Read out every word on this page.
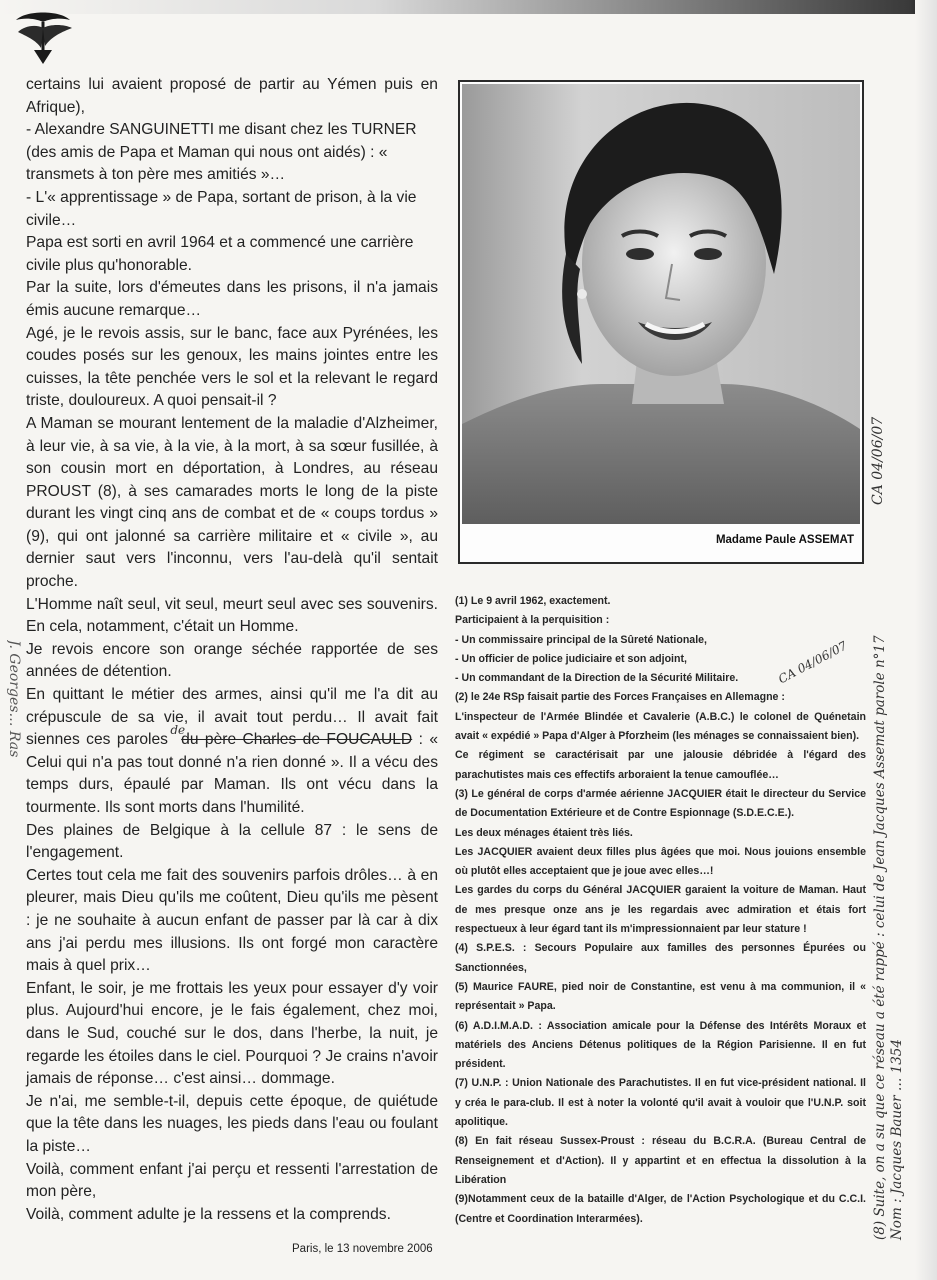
certains lui avaient proposé de partir au Yémen puis en Afrique),

- Alexandre SANGUINETTI me disant chez les TURNER (des amis de Papa et Maman qui nous ont aidés) : « transmets à ton père mes amitiés »…

- L'« apprentissage » de Papa, sortant de prison, à la vie civile…

Papa est sorti en avril 1964 et a commencé une carrière civile plus qu'honorable.

Par la suite, lors d'émeutes dans les prisons, il n'a jamais émis aucune remarque…

Agé, je le revois assis, sur le banc, face aux Pyrénées, les coudes posés sur les genoux, les mains jointes entre les cuisses, la tête penchée vers le sol et la relevant le regard triste, douloureux. A quoi pensait-il ?

A Maman se mourant lentement de la maladie d'Alzheimer, à leur vie, à sa vie, à la vie, à la mort, à sa sœur fusillée, à son cousin mort en déportation, à Londres, au réseau PROUST (8), à ses camarades morts le long de la piste durant les vingt cinq ans de combat et de « coups tordus » (9), qui ont jalonné sa carrière militaire et « civile », au dernier saut vers l'inconnu, vers l'au-delà qu'il sentait proche.

L'Homme naît seul, vit seul, meurt seul avec ses souvenirs. En cela, notamment, c'était un Homme.

Je revois encore son orange séchée rapportée de ses années de détention.

En quittant le métier des armes, ainsi qu'il me l'a dit au crépuscule de sa vie, il avait tout perdu… Il avait fait siennes ces paroles $^{de}$du père Charles de FOUCAULD : « Celui qui n'a pas tout donné n'a rien donné ». Il a vécu des temps durs, épaulé par Maman. Ils ont vécu dans la tourmente. Ils sont morts dans l'humilité.

Des plaines de Belgique à la cellule 87 : le sens de l'engagement.

Certes tout cela me fait des souvenirs parfois drôles… à en pleurer, mais Dieu qu'ils me coûtent, Dieu qu'ils me pèsent : je ne souhaite à aucun enfant de passer par là car à dix ans j'ai perdu mes illusions. Ils ont forgé mon caractère mais à quel prix…

Enfant, le soir, je me frottais les yeux pour essayer d'y voir plus. Aujourd'hui encore, je le fais également, chez moi, dans le Sud, couché sur le dos, dans l'herbe, la nuit, je regarde les étoiles dans le ciel. Pourquoi ? Je crains n'avoir jamais de réponse… c'est ainsi… dommage.

Je n'ai, me semble-t-il, depuis cette époque, de quiétude que la tête dans les nuages, les pieds dans l'eau ou foulant la piste…

Voilà, comment enfant j'ai perçu et ressenti l'arrestation de mon père,

Voilà, comment adulte je la ressens et la comprends.

Paris, le 13 novembre 2006
Madame Paule ASSEMAT

(1) Le 9 avril 1962, exactement.

Participaient à la perquisition :

- Un commissaire principal de la Sûreté Nationale,

- Un officier de police judiciaire et son adjoint,

- Un commandant de la Direction de la Sécurité Militaire.

(2) le 24e RSp faisait partie des Forces Françaises en Allemagne :

L'inspecteur de l'Armée Blindée et Cavalerie (A.B.C.) le colonel de Quénetain avait « expédié » Papa d'Alger à Pforzheim (les ménages se connaissaient bien).

Ce régiment se caractérisait par une jalousie débridée à l'égard des parachutistes mais ces effectifs arboraient la tenue camouflée…

(3) Le général de corps d'armée aérienne JACQUIER était le directeur du Service de Documentation Extérieure et de Contre Espionnage (S.D.E.C.E.).

Les deux ménages étaient très liés.

Les JACQUIER avaient deux filles plus âgées que moi. Nous jouions ensemble où plutôt elles acceptaient que je joue avec elles…!

Les gardes du corps du Général JACQUIER garaient la voiture de Maman. Haut de mes presque onze ans je les regardais avec admiration et étais fort respectueux à leur égard tant ils m'impressionnaient par leur stature !

(4) S.P.E.S. : Secours Populaire aux familles des personnes Épurées ou Sanctionnées,

(5) Maurice FAURE, pied noir de Constantine, est venu à ma communion, il « représentait » Papa.

(6) A.D.I.M.A.D. : Association amicale pour la Défense des Intérêts Moraux et matériels des Anciens Détenus politiques de la Région Parisienne. Il en fut président.

(7) U.N.P. : Union Nationale des Parachutistes. Il en fut vice-président national. Il y créa le para-club. Il est à noter la volonté qu'il avait à vouloir que l'U.N.P. soit apolitique.

(8) En fait réseau Sussex-Proust : réseau du B.C.R.A. (Bureau Central de Renseignement et d'Action). Il y appartint et en effectua la dissolution à la Libération

(9)Notamment ceux de la bataille d'Alger, de l'Action Psychologique et du C.C.I. (Centre et Coordination Interarmées).

CA 04/06/07
CA 04/06/07
J. Georges… Ras	(8) Suite, on a su que ce réseau a été rappé : celui de Jean Jacques Assemat parole n°17 Nom : Jacques Bauer … 1354
